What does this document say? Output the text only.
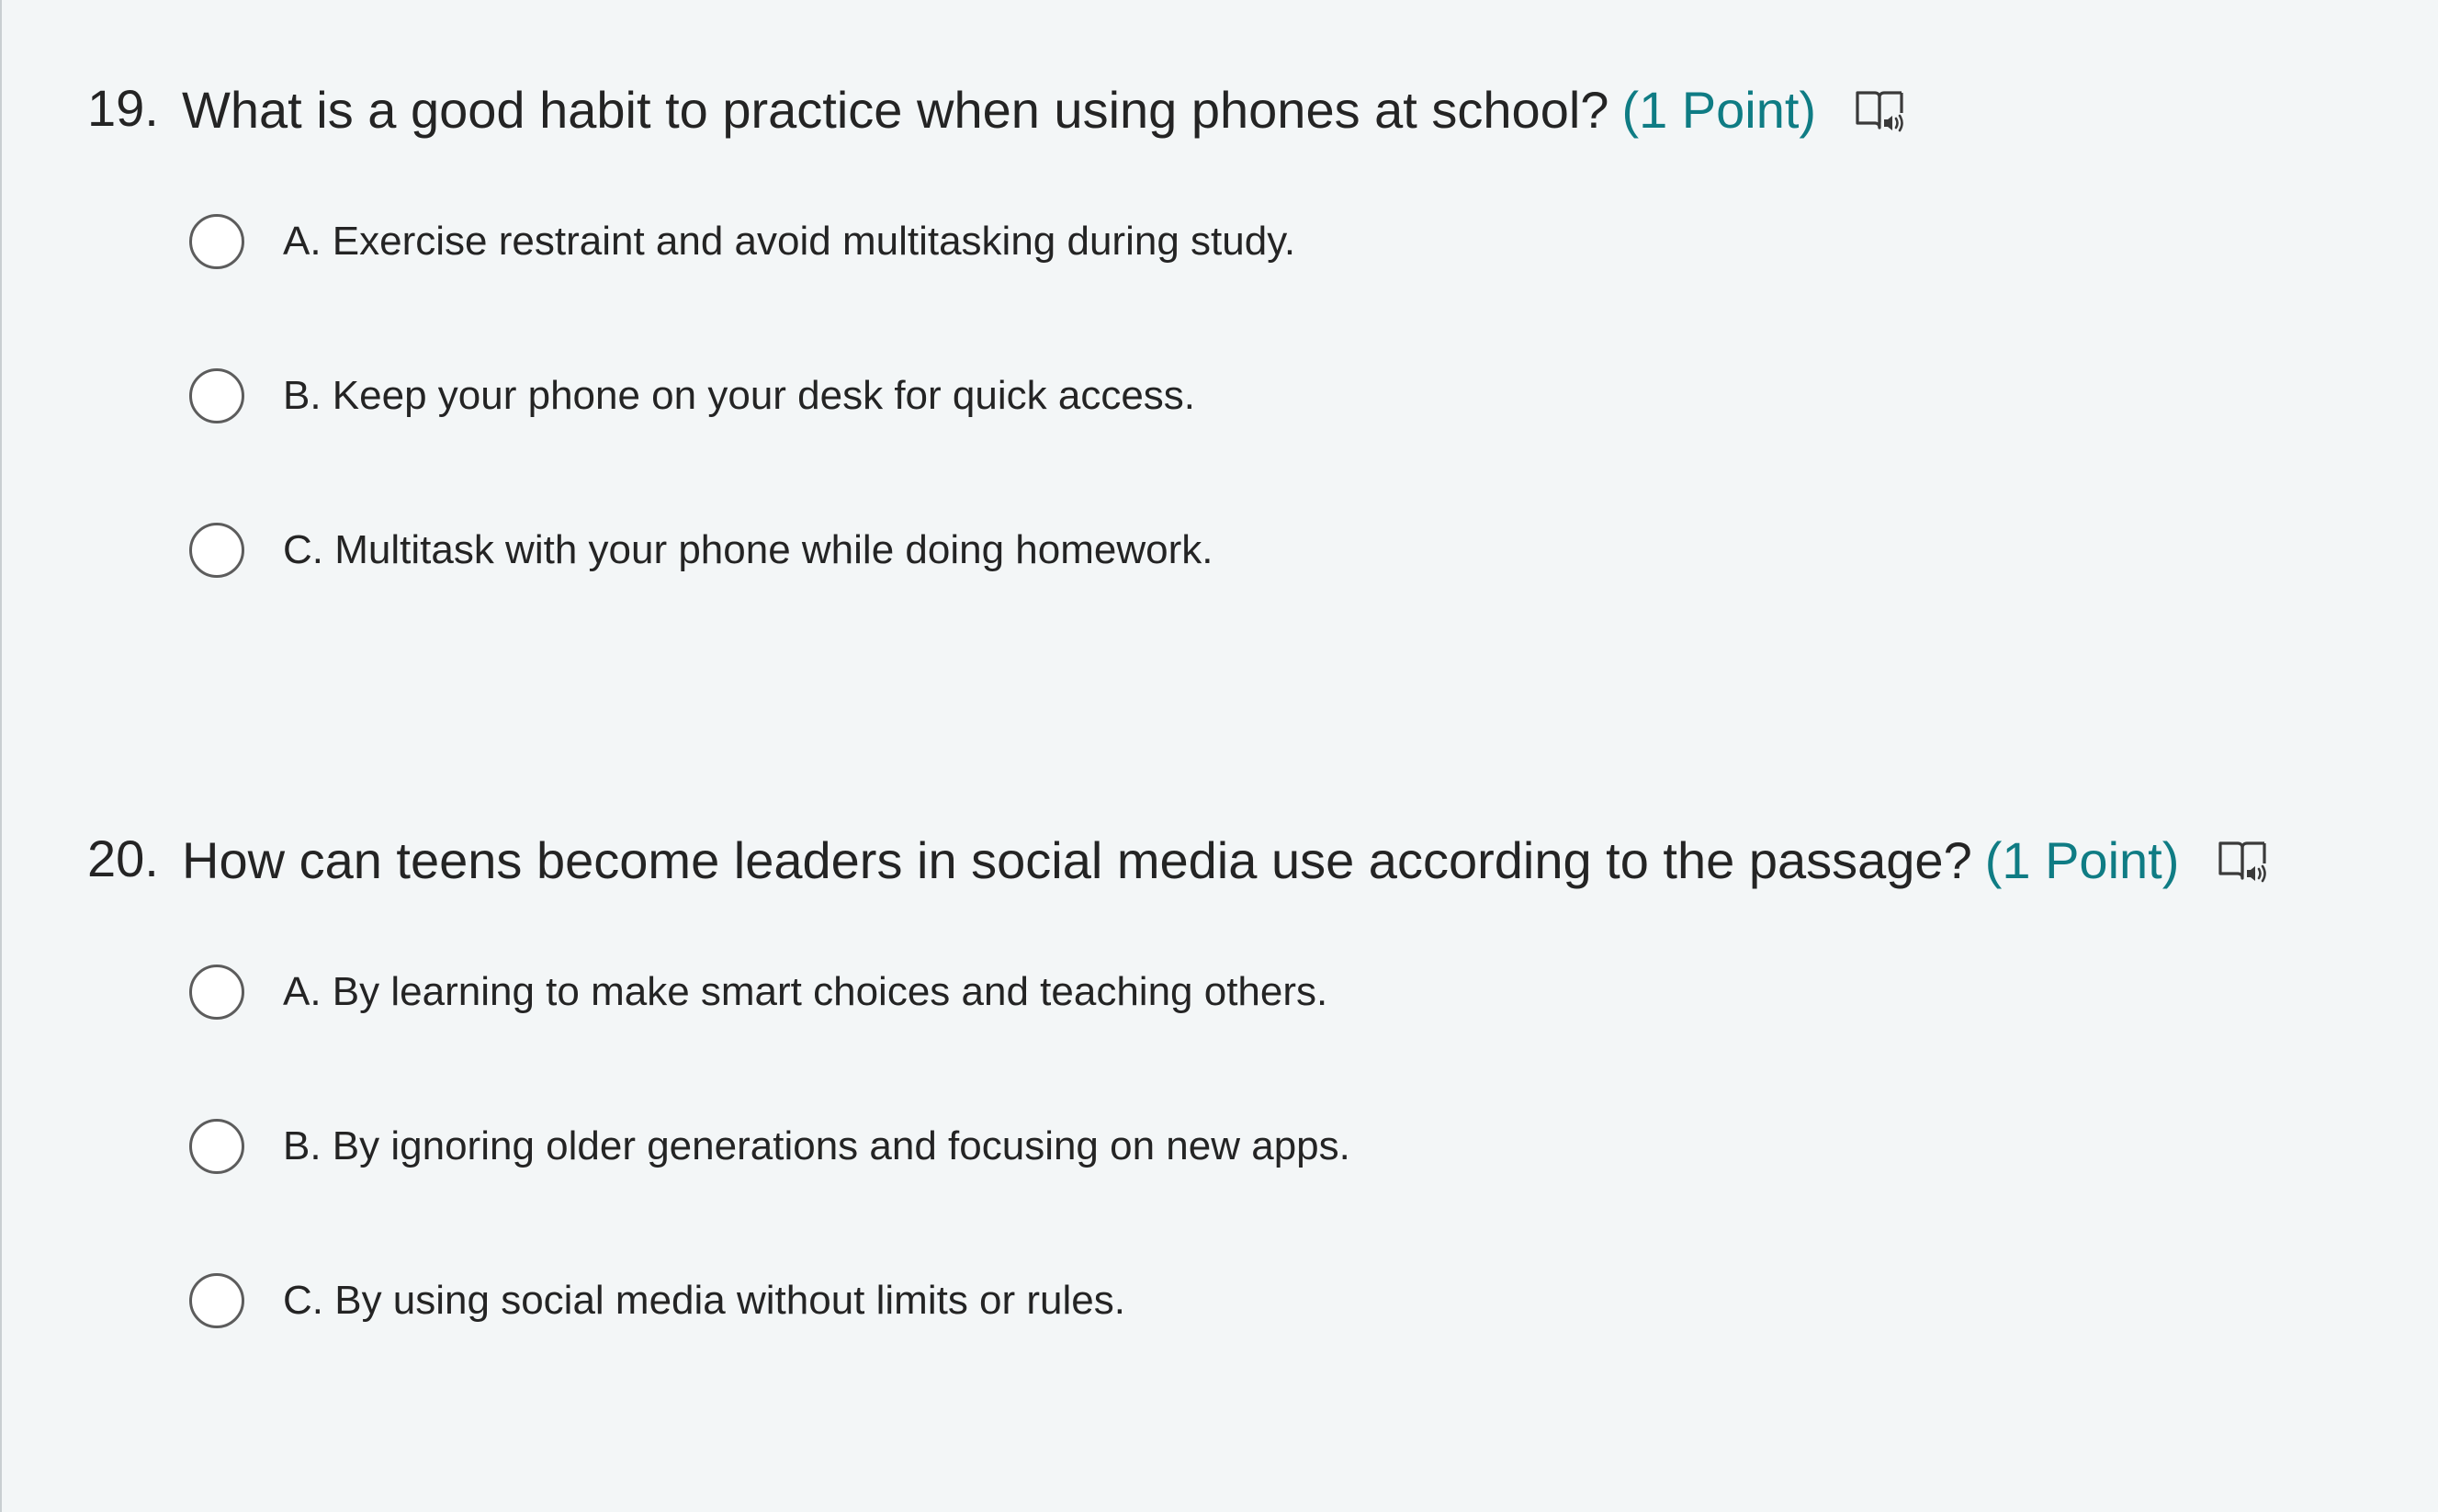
19. What is a good habit to practice when using phones at school? (1 Point)
A. Exercise restraint and avoid multitasking during study.
B. Keep your phone on your desk for quick access.
C. Multitask with your phone while doing homework.
20. How can teens become leaders in social media use according to the passage? (1 Point)
A. By learning to make smart choices and teaching others.
B. By ignoring older generations and focusing on new apps.
C. By using social media without limits or rules.
